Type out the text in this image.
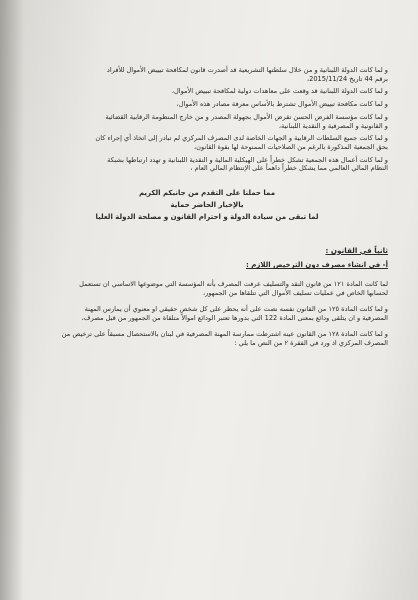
و لما كانت الدولة اللبنانية و من خلال سلطتها التشريعية قد أصدرت قانون لمكافحة تبييض الأموال للأفراد
برقم 44 تاريخ 2015/11/24،
و لما كانت الدولة اللبنانية قد وقعت على معاهدات دولية لمكافحة تبييض الأموال،
و لما كانت مكافحة تبييض الأموال تشترط بالأساس معرفة مصادر هذه الأموال،
و لما كانت مؤسسة الفرض الحسن تقرض الأموال بجهولة المصدر و من خارج المنظومة الرقابية القضائية
و القانونية و المصرفية و النقدية اللبنانية،
و لما كانت جميع السلطات الرقابية و الجهات الخاصة لدى المصرف المركزي لم تبادر إلى اتخاذ أي إجراء كان
بحق الجمعية المذكورة بالرغم من الصلاحيات الممنوحة لها بقوة القانون،
و لما كانت أعمال هذه الجمعية تشكل خطراً على الهيكلية المالية و النقدية اللبنانية و تهدد ارتباطها بشبكة
النظام المالي العالمي مما يشكل خطراً داهماً على الإنتظام المالي العام ،
مما حملنا على التقدم من جانبكم الكريم
بالإخبار الحاضر حماية
لما تبقى من سيادة الدولة و احترام القانون و مصلحة الدولة العليا
ثانياً في القانون :
أ- في انشاء مصرف دون الترخيص اللازم :
لما كانت المادة ١٢١ من قانون النقد والتسليف عرفت المصرف بأنه المؤسسة التي موضوعها الاساسي ان تستعمل
لحسابها الخاص في عمليات تسليف الأموال التي تتلقاها من الجمهور،
و لما كانت المادة ١٢٥ من القانون نفسه نصت على أنه يحظر على كل شخص حقيقي او معنوي أن يمارس المهنة
المصرفية و ان يتلقى ودائع بمعنى المادة 122 التي بدورها تعتبر الودائع اموالاً متلقاة من الجمهور من قبل مصرف،
و لما كانت المادة ١٢٨ من القانون عينه اشترطت ممارسة المهنة المصرفية في لبنان بالاستحصال مسبقاً على ترخيص من
المصرف المركزي اذ ورد في الفقرة ٢ من النص ما يلي :
